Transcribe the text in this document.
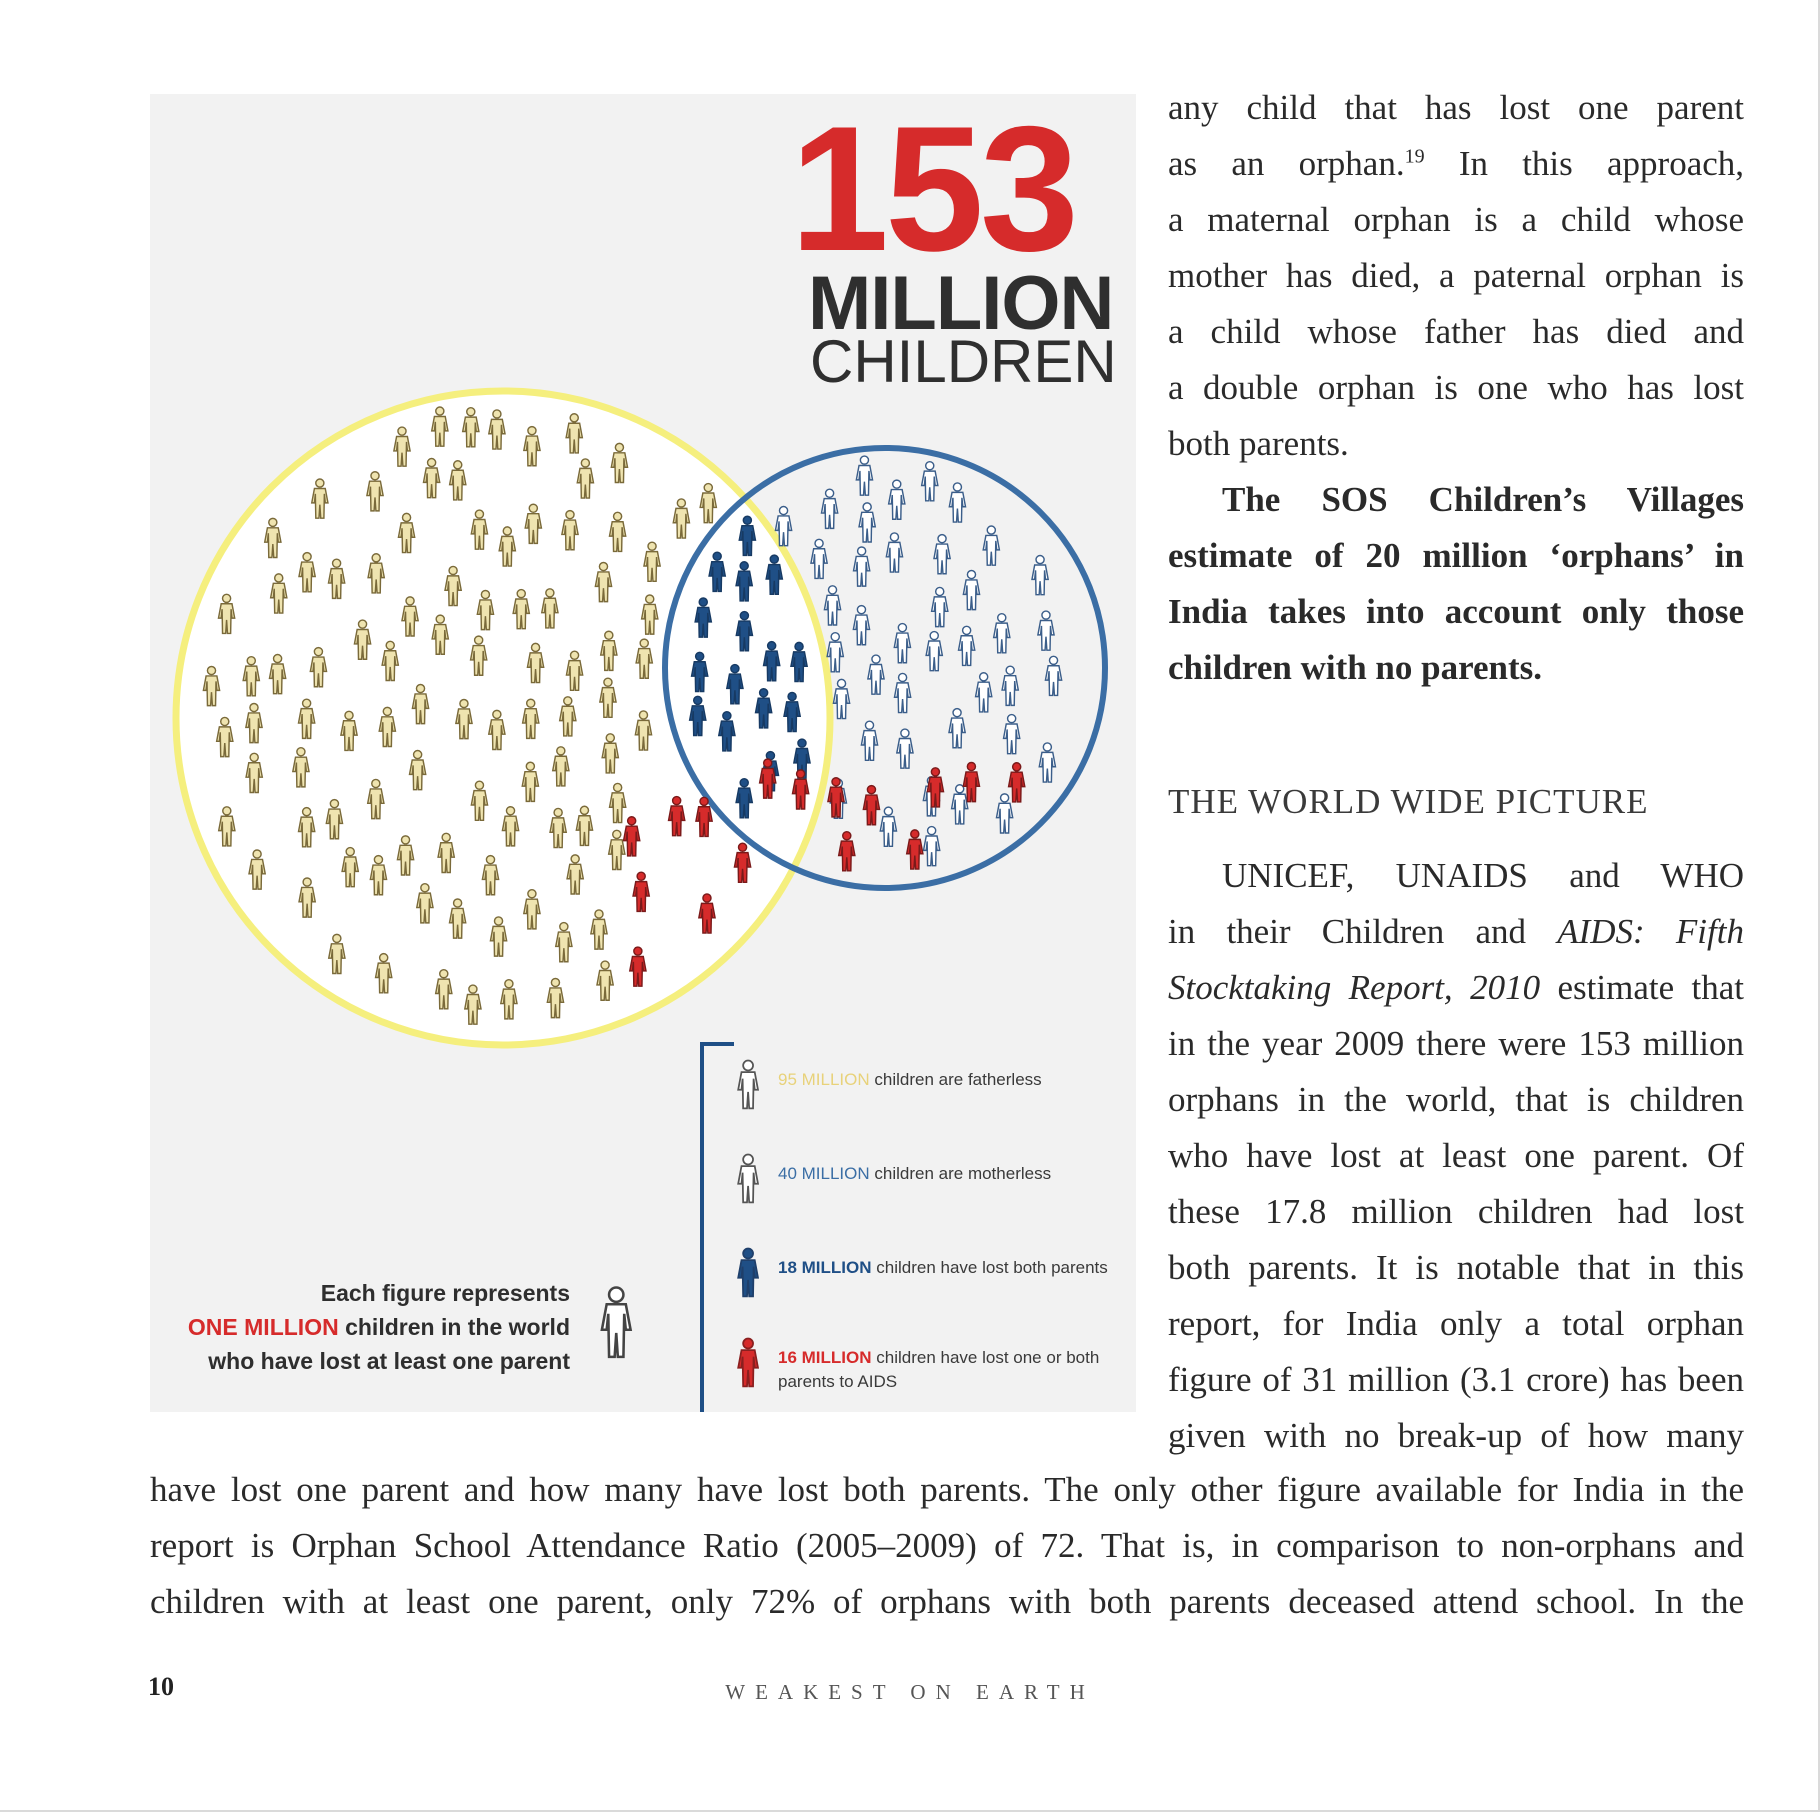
153
MILLION
CHILDREN
95 MILLION children are fatherless
40 MILLION children are motherless
18 MILLION children have lost both parents
16 MILLION children have lost one or both parents to AIDS
Each figure represents
ONE MILLION children in the world
who have lost at least one parent

any child that has lost one parent
as an orphan.$^{19}$ In this approach,
a maternal orphan is a child whose
mother has died, a paternal orphan is
a child whose father has died and
a double orphan is one who has lost
both parents.

The SOS Children’s Villages
estimate of 20 million ‘orphans’ in
India takes into account only those
children with no parents.

THE WORLD WIDE PICTURE

UNICEF, UNAIDS and WHO
in their Children and AIDS: Fifth
Stocktaking Report, 2010 estimate that
in the year 2009 there were 153 million
orphans in the world, that is children
who have lost at least one parent. Of
these 17.8 million children had lost
both parents. It is notable that in this
report, for India only a total orphan
figure of 31 million (3.1 crore) has been
given with no break-up of how many

have lost one parent and how many have lost both parents. The only other figure available for India in the
report is Orphan School Attendance Ratio (2005–2009) of 72. That is, in comparison to non-orphans and
children with at least one parent, only 72% of orphans with both parents deceased attend school. In the
10	WEAKEST ON EARTH
